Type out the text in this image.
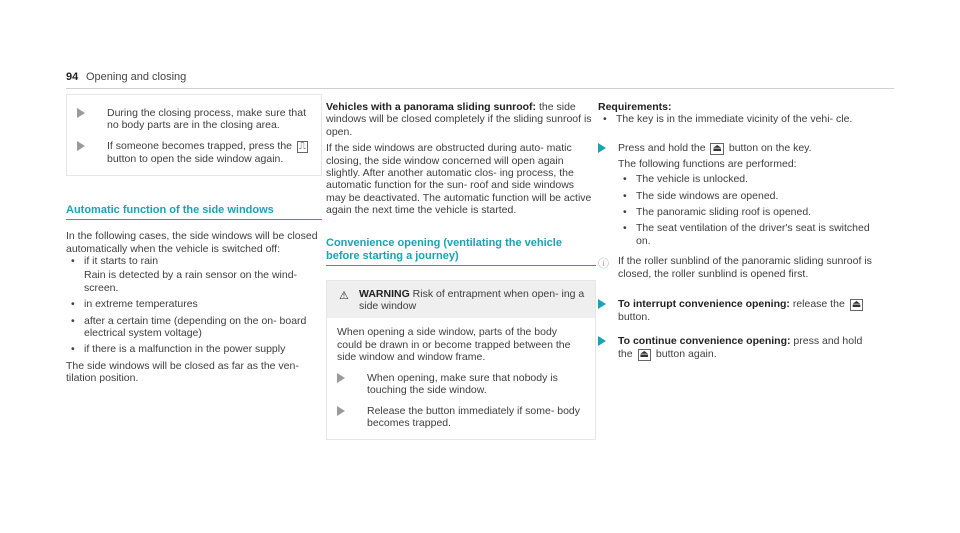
94 Opening and closing

During the closing process, make sure that no body parts are in the closing area.

If someone becomes trapped, press the ⎍ button to open the side window again.

Automatic function of the side windows

In the following cases, the side windows will be closed automatically when the vehicle is switched off:

• if it starts to rain
Rain is detected by a rain sensor on the wind- screen.
• in extreme temperatures
• after a certain time (depending on the on- board electrical system voltage)
• if there is a malfunction in the power supply

The side windows will be closed as far as the ven- tilation position.

Vehicles with a panorama sliding sunroof: the side windows will be closed completely if the sliding sunroof is open.

If the side windows are obstructed during auto- matic closing, the side window concerned will open again slightly. After another automatic clos- ing process, the automatic function for the sun- roof and side windows may be deactivated. The automatic function will be active again the next time the vehicle is started.

Convenience opening (ventilating the vehicle before starting a journey)
⚠ WARNING Risk of entrapment when open- ing a side window

When opening a side window, parts of the body could be drawn in or become trapped between the side window and window frame.

When opening, make sure that nobody is touching the side window.

Release the button immediately if some- body becomes trapped.

Requirements:

• The key is in the immediate vicinity of the vehi- cle.

Press and hold the ⏏ button on the key.

The following functions are performed:

• The vehicle is unlocked.
• The side windows are opened.
• The panoramic sliding roof is opened.
• The seat ventilation of the driver's seat is switched on.
ⓘ If the roller sunblind of the panoramic sliding sunroof is closed, the roller sunblind is opened first.

To interrupt convenience opening: release the ⏏ button.

To continue convenience opening: press and hold the ⏏ button again.
